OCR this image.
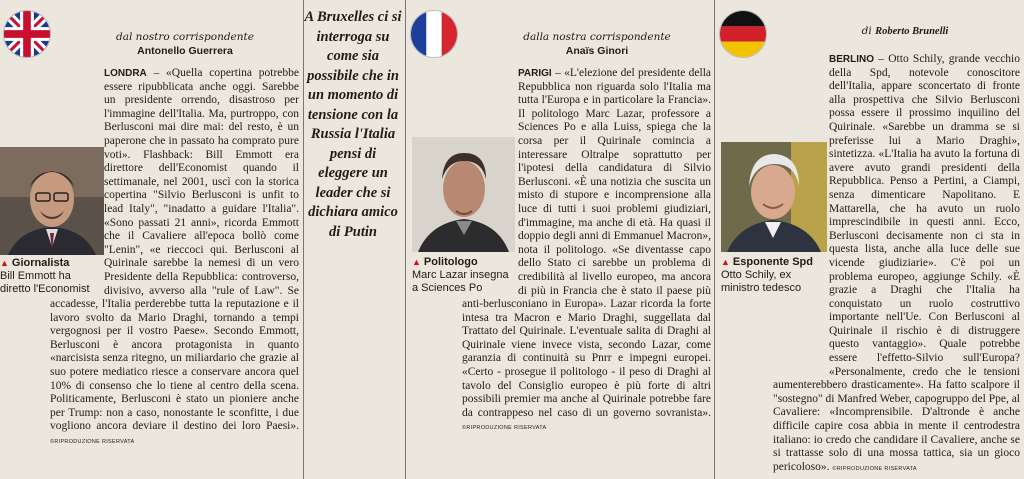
dal nostro corrispondente
Antonello Guerrera
▲ Giornalista
Bill Emmott ha diretto l'Economist
LONDRA – «Quella copertina potrebbe essere ripubblicata anche oggi. Sarebbe un presidente orrendo, disastroso per l'immagine dell'Italia. Ma, purtroppo, con Berlusconi mai dire mai: del resto, è un paperone che in passato ha comprato pure voti». Flashback: Bill Emmott era direttore dell'Economist quando il settimanale, nel 2001, uscì con la storica copertina "Silvio Berlusconi is unfit to lead Italy", "inadatto a guidare l'Italia". «Sono passati 21 anni», ricorda Emmott che il Cavaliere all'epoca bollò come "Lenin", «e rieccoci qui. Berlusconi al Quirinale sarebbe la nemesi di un vero Presidente della Repubblica: controverso, divisivo, avverso alla "rule of Law". Se accadesse, l'Italia perderebbe tutta la reputazione e il lavoro svolto da Mario Draghi, tornando a tempi vergognosi per il vostro Paese». Secondo Emmott, Berlusconi è ancora protagonista in quanto «narcisista senza ritegno, un miliardario che grazie al suo potere mediatico riesce a conservare ancora quel 10% di consenso che lo tiene al centro della scena. Politicamente, Berlusconi è stato un pioniere anche per Trump: non a caso, nonostante le sconfitte, i due vogliono ancora deviare il destino dei loro Paesi». ©RIPRODUZIONE RISERVATA
A Bruxelles ci si interroga su come sia possibile che in un momento di tensione con la Russia l'Italia pensi di eleggere un leader che si dichiara amico di Putin
dalla nostra corrispondente
Anaïs Ginori
▲ Politologo
Marc Lazar insegna a Sciences Po
PARIGI – «L'elezione del presidente della Repubblica non riguarda solo l'Italia ma tutta l'Europa e in particolare la Francia». Il politologo Marc Lazar, professore a Sciences Po e alla Luiss, spiega che la corsa per il Quirinale comincia a interessare Oltralpe soprattutto per l'ipotesi della candidatura di Silvio Berlusconi. «È una notizia che suscita un misto di stupore e incomprensione alla luce di tutti i suoi problemi giudiziari, d'immagine, ma anche di età. Ha quasi il doppio degli anni di Emmanuel Macron», nota il politologo. «Se diventasse capo dello Stato ci sarebbe un problema di credibilità al livello europeo, ma ancora di più in Francia che è stato il paese più anti-berlusconiano in Europa». Lazar ricorda la forte intesa tra Macron e Mario Draghi, suggellata dal Trattato del Quirinale. L'eventuale salita di Draghi al Quirinale viene invece vista, secondo Lazar, come garanzia di continuità su Pnrr e impegni europei. «Certo - prosegue il politologo - il peso di Draghi al tavolo del Consiglio europeo è più forte di altri possibili premier ma anche al Quirinale potrebbe fare da contrappeso nel caso di un governo sovranista». ©RIPRODUZIONE RISERVATA
di Roberto Brunelli
▲ Esponente Spd
Otto Schily, ex ministro tedesco
BERLINO – Otto Schily, grande vecchio della Spd, notevole conoscitore dell'Italia, appare sconcertato di fronte alla prospettiva che Silvio Berlusconi possa essere il prossimo inquilino del Quirinale. «Sarebbe un dramma se si preferisse lui a Mario Draghi», sintetizza. «L'Italia ha avuto la fortuna di avere avuto grandi presidenti della Repubblica. Penso a Pertini, a Ciampi, senza dimenticare Napolitano. E Mattarella, che ha avuto un ruolo imprescindibile in questi anni. Ecco, Berlusconi decisamente non ci sta in questa lista, anche alla luce delle sue vicende giudiziarie». C'è poi un problema europeo, aggiunge Schily. «È grazie a Draghi che l'Italia ha conquistato un ruolo costruttivo importante nell'Ue. Con Berlusconi al Quirinale il rischio è di distruggere questo vantaggio». Quale potrebbe essere l'effetto-Silvio sull'Europa? «Personalmente, credo che le tensioni aumenterebbero drasticamente». Ha fatto scalpore il "sostegno" di Manfred Weber, capogruppo del Ppe, al Cavaliere: «Incomprensibile. D'altronde è anche difficile capire cosa abbia in mente il centrodestra italiano: io credo che candidare il Cavaliere, anche se si trattasse solo di una mossa tattica, sia un gioco pericoloso». ©RIPRODUZIONE RISERVATA
